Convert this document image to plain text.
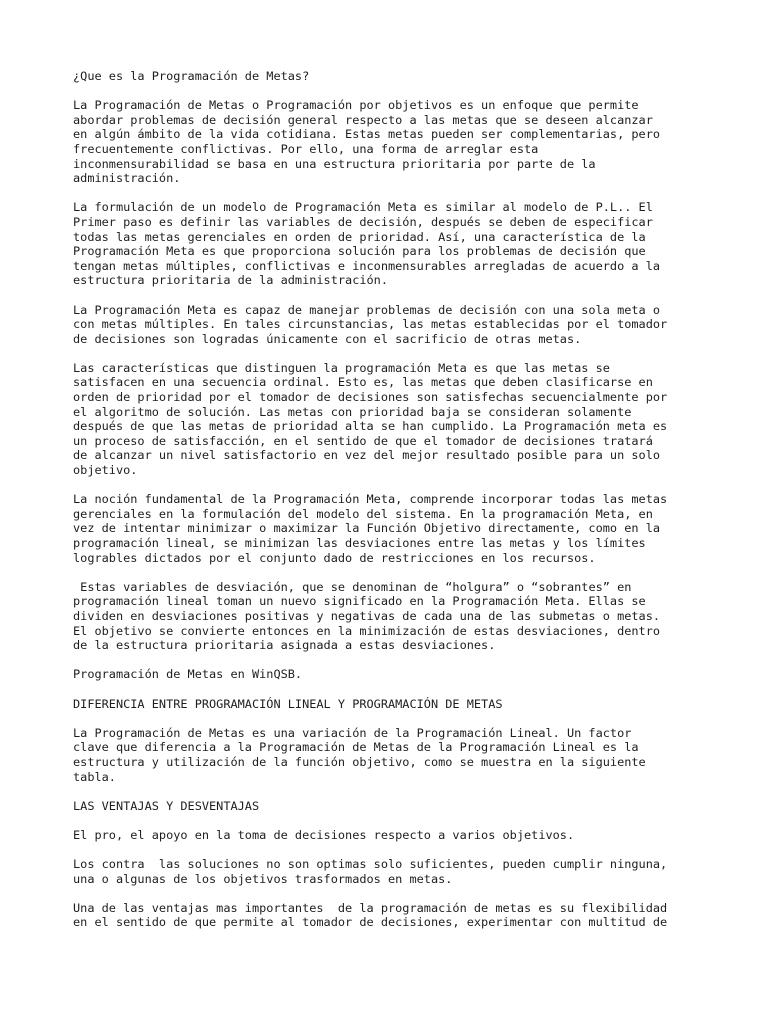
¿Que es la Programación de Metas?

La Programación de Metas o Programación por objetivos es un enfoque que permite
abordar problemas de decisión general respecto a las metas que se deseen alcanzar
en algún ámbito de la vida cotidiana. Estas metas pueden ser complementarias, pero
frecuentemente conflictivas. Por ello, una forma de arreglar esta
inconmensurabilidad se basa en una estructura prioritaria por parte de la
administración.

La formulación de un modelo de Programación Meta es similar al modelo de P.L.. El
Primer paso es definir las variables de decisión, después se deben de especificar
todas las metas gerenciales en orden de prioridad. Así, una característica de la
Programación Meta es que proporciona solución para los problemas de decisión que
tengan metas múltiples, conflictivas e inconmensurables arregladas de acuerdo a la
estructura prioritaria de la administración.

La Programación Meta es capaz de manejar problemas de decisión con una sola meta o
con metas múltiples. En tales circunstancias, las metas establecidas por el tomador
de decisiones son logradas únicamente con el sacrificio de otras metas.

Las características que distinguen la programación Meta es que las metas se
satisfacen en una secuencia ordinal. Esto es, las metas que deben clasificarse en
orden de prioridad por el tomador de decisiones son satisfechas secuencialmente por
el algoritmo de solución. Las metas con prioridad baja se consideran solamente
después de que las metas de prioridad alta se han cumplido. La Programación meta es
un proceso de satisfacción, en el sentido de que el tomador de decisiones tratará
de alcanzar un nivel satisfactorio en vez del mejor resultado posible para un solo
objetivo.

La noción fundamental de la Programación Meta, comprende incorporar todas las metas
gerenciales en la formulación del modelo del sistema. En la programación Meta, en
vez de intentar minimizar o maximizar la Función Objetivo directamente, como en la
programación lineal, se minimizan las desviaciones entre las metas y los límites
logrables dictados por el conjunto dado de restricciones en los recursos.

Estas variables de desviación, que se denominan de “holgura” o “sobrantes” en
programación lineal toman un nuevo significado en la Programación Meta. Ellas se
dividen en desviaciones positivas y negativas de cada una de las submetas o metas.
El objetivo se convierte entonces en la minimización de estas desviaciones, dentro
de la estructura prioritaria asignada a estas desviaciones.

Programación de Metas en WinQSB.

DIFERENCIA ENTRE PROGRAMACIÓN LINEAL Y PROGRAMACIÓN DE METAS

La Programación de Metas es una variación de la Programación Lineal. Un factor
clave que diferencia a la Programación de Metas de la Programación Lineal es la
estructura y utilización de la función objetivo, como se muestra en la siguiente
tabla.

LAS VENTAJAS Y DESVENTAJAS

El pro, el apoyo en la toma de decisiones respecto a varios objetivos.

Los contra  las soluciones no son optimas solo suficientes, pueden cumplir ninguna,
una o algunas de los objetivos trasformados en metas.

Una de las ventajas mas importantes  de la programación de metas es su flexibilidad
en el sentido de que permite al tomador de decisiones, experimentar con multitud de
